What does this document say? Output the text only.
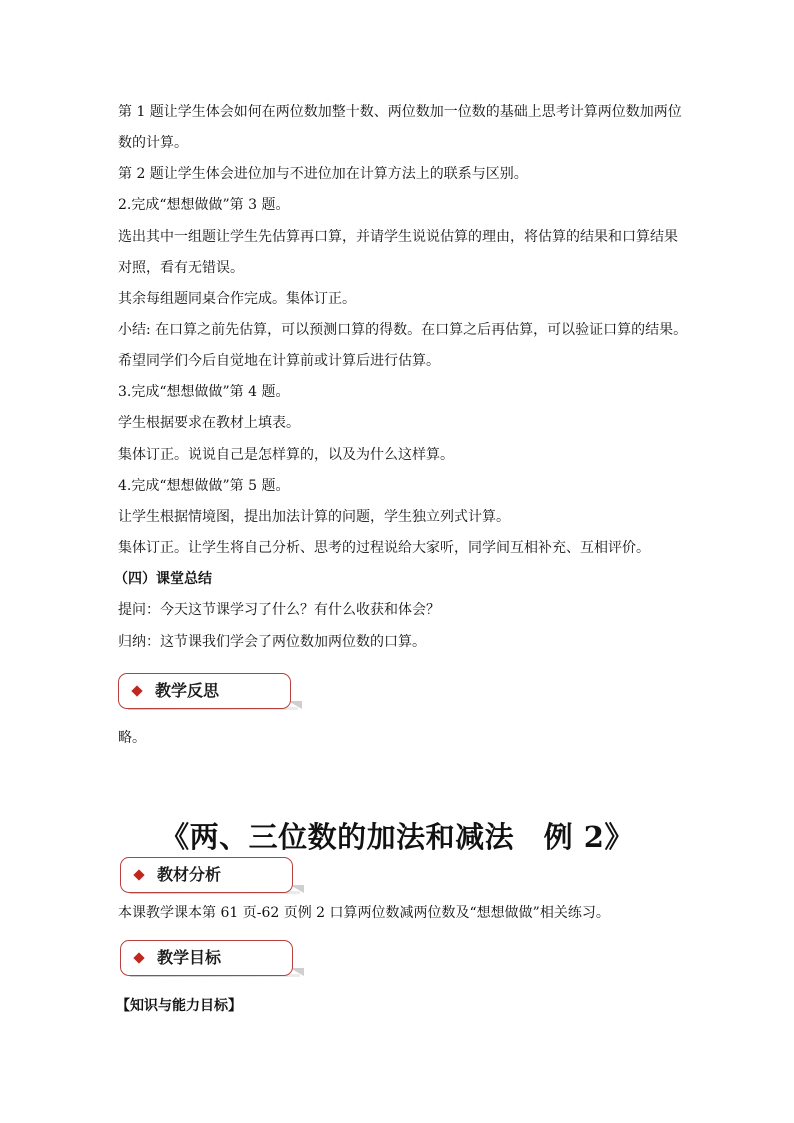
第 1 题让学生体会如何在两位数加整十数、两位数加一位数的基础上思考计算两位数加两位
数的计算。
第 2 题让学生体会进位加与不进位加在计算方法上的联系与区别。
2.完成“想想做做”第 3 题。
选出其中一组题让学生先估算再口算，并请学生说说估算的理由，将估算的结果和口算结果
对照，看有无错误。
其余每组题同桌合作完成。集体订正。
小结: 在口算之前先估算，可以预测口算的得数。在口算之后再估算，可以验证口算的结果。
希望同学们今后自觉地在计算前或计算后进行估算。
3.完成“想想做做”第 4 题。
学生根据要求在教材上填表。
集体订正。说说自己是怎样算的，以及为什么这样算。
4.完成“想想做做”第 5 题。
让学生根据情境图，提出加法计算的问题，学生独立列式计算。
集体订正。让学生将自己分析、思考的过程说给大家听，同学间互相补充、互相评价。
（四）课堂总结
提问：今天这节课学习了什么？有什么收获和体会？
归纳：这节课我们学会了两位数加两位数的口算。
教学反思
略。
《两、三位数的加法和减法　例 2》
教材分析
本课教学课本第 61 页-62 页例 2 口算两位数减两位数及“想想做做”相关练习。
教学目标
【知识与能力目标】
